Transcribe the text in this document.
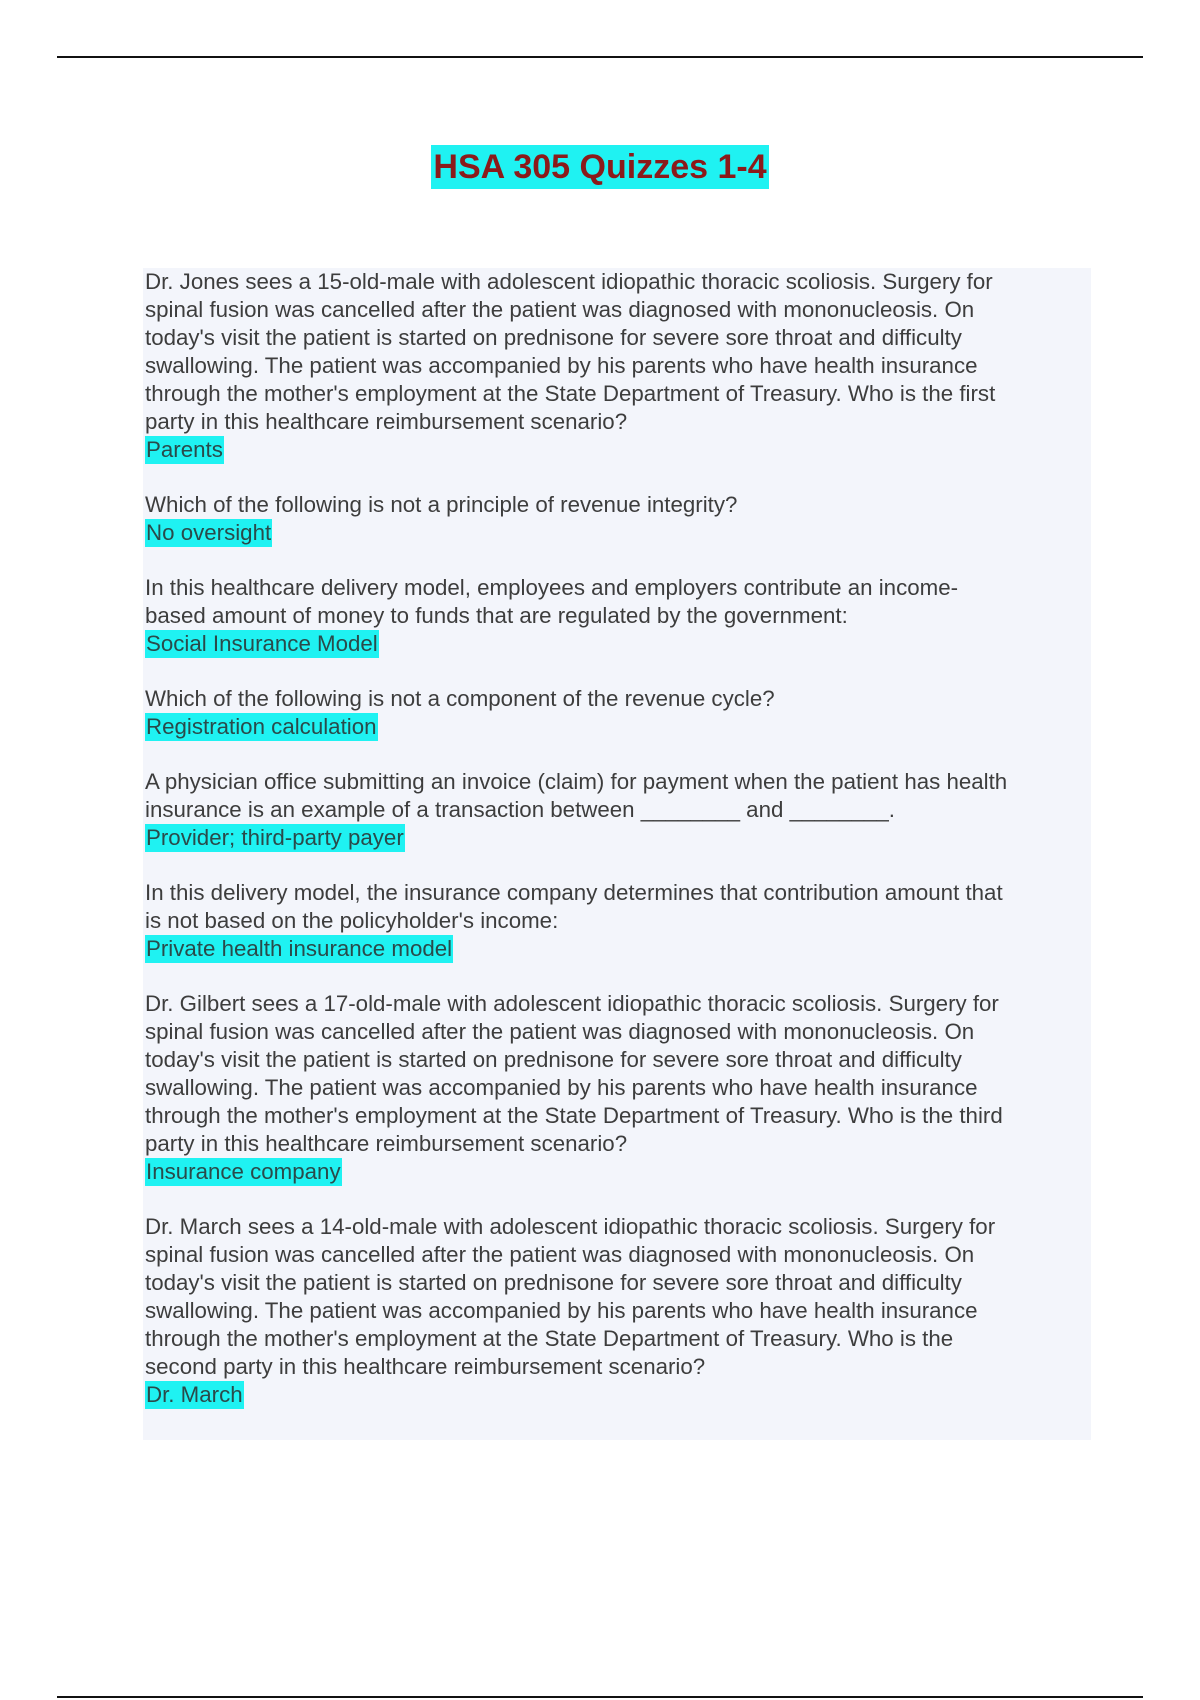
HSA 305 Quizzes 1-4

Dr. Jones sees a 15-old-male with adolescent idiopathic thoracic scoliosis. Surgery for
spinal fusion was cancelled after the patient was diagnosed with mononucleosis. On
today's visit the patient is started on prednisone for severe sore throat and difficulty
swallowing. The patient was accompanied by his parents who have health insurance
through the mother's employment at the State Department of Treasury. Who is the first
party in this healthcare reimbursement scenario?

Parents

Which of the following is not a principle of revenue integrity?

No oversight

In this healthcare delivery model, employees and employers contribute an income-
based amount of money to funds that are regulated by the government:

Social Insurance Model

Which of the following is not a component of the revenue cycle?

Registration calculation

A physician office submitting an invoice (claim) for payment when the patient has health
insurance is an example of a transaction between ________ and ________.

Provider; third-party payer

In this delivery model, the insurance company determines that contribution amount that
is not based on the policyholder's income:

Private health insurance model

Dr. Gilbert sees a 17-old-male with adolescent idiopathic thoracic scoliosis. Surgery for
spinal fusion was cancelled after the patient was diagnosed with mononucleosis. On
today's visit the patient is started on prednisone for severe sore throat and difficulty
swallowing. The patient was accompanied by his parents who have health insurance
through the mother's employment at the State Department of Treasury. Who is the third
party in this healthcare reimbursement scenario?

Insurance company

Dr. March sees a 14-old-male with adolescent idiopathic thoracic scoliosis. Surgery for
spinal fusion was cancelled after the patient was diagnosed with mononucleosis. On
today's visit the patient is started on prednisone for severe sore throat and difficulty
swallowing. The patient was accompanied by his parents who have health insurance
through the mother's employment at the State Department of Treasury. Who is the
second party in this healthcare reimbursement scenario?

Dr. March
